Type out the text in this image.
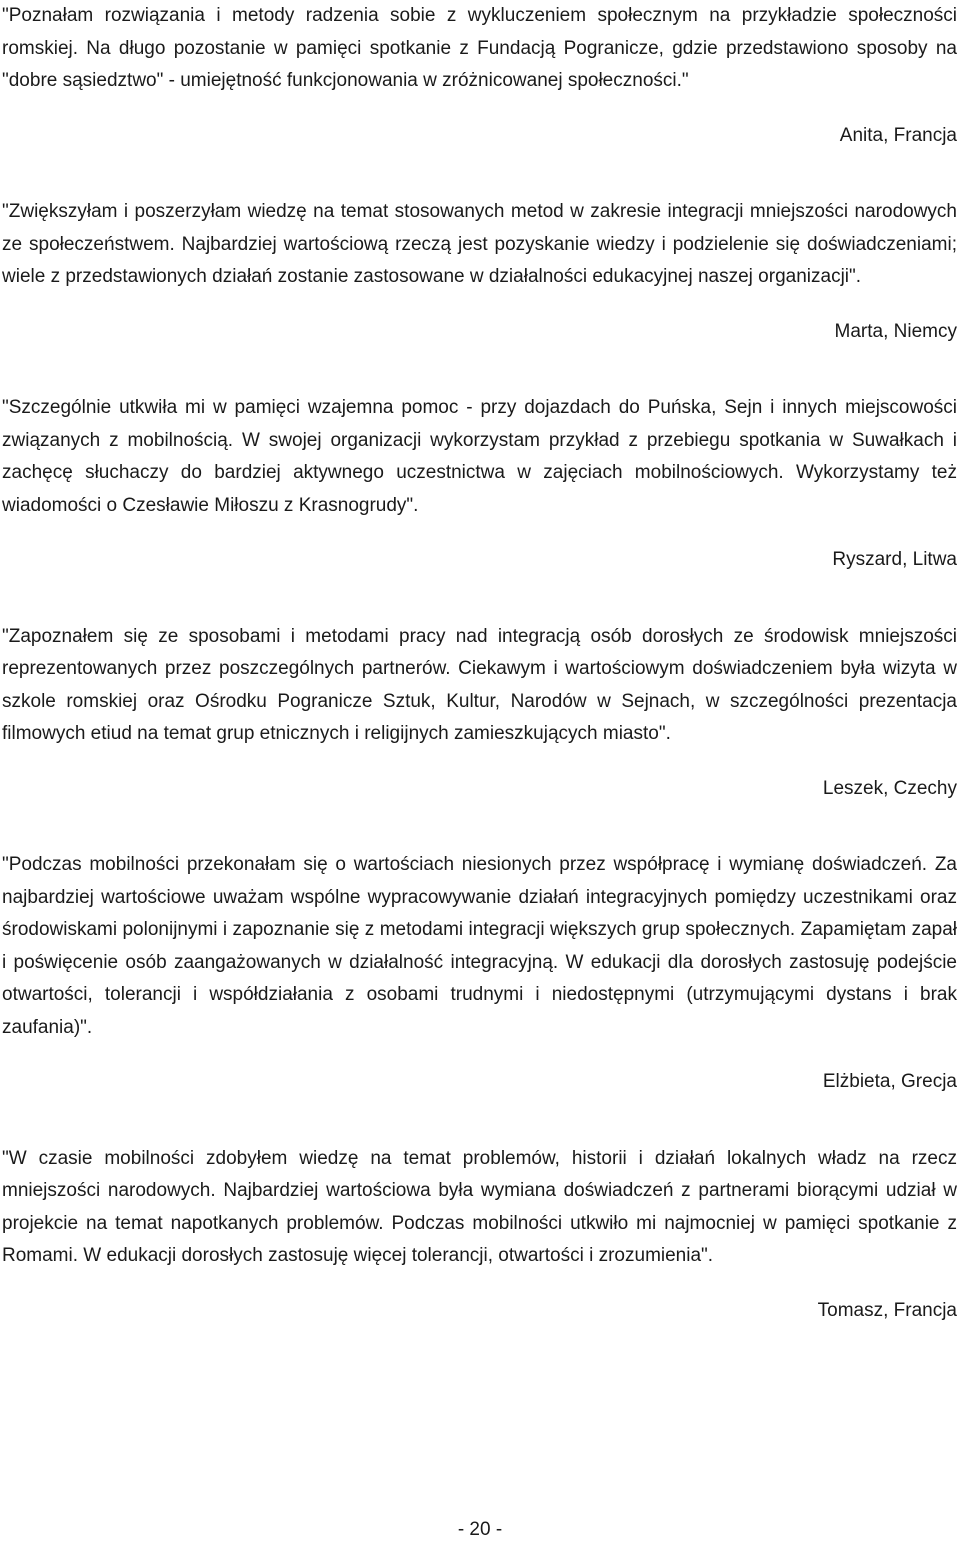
"Poznałam rozwiązania i metody radzenia sobie z wykluczeniem społecznym na przykładzie społeczności romskiej. Na długo pozostanie w pamięci spotkanie z Fundacją Pogranicze, gdzie przedstawiono sposoby na "dobre sąsiedztwo" - umiejętność funkcjonowania w zróżnicowanej społeczności."

Anita, Francja

"Zwiększyłam i poszerzyłam wiedzę na temat stosowanych metod w zakresie integracji mniejszości narodowych ze społeczeństwem. Najbardziej wartościową rzeczą jest pozyskanie wiedzy i podzielenie się doświadczeniami; wiele z przedstawionych działań zostanie zastosowane w działalności edukacyjnej naszej organizacji".

Marta, Niemcy

"Szczególnie utkwiła mi w pamięci wzajemna pomoc - przy dojazdach do Puńska, Sejn i innych miejscowości związanych z mobilnością. W swojej organizacji wykorzystam przykład z przebiegu spotkania w Suwałkach i zachęcę słuchaczy do bardziej aktywnego uczestnictwa w zajęciach mobilnościowych. Wykorzystamy też wiadomości o Czesławie Miłoszu z Krasnogrudy".

Ryszard, Litwa

"Zapoznałem się ze sposobami i metodami pracy nad integracją osób dorosłych ze środowisk mniejszości reprezentowanych przez poszczególnych partnerów. Ciekawym i wartościowym doświadczeniem była wizyta w szkole romskiej oraz Ośrodku Pogranicze Sztuk, Kultur, Narodów w Sejnach, w szczególności prezentacja filmowych etiud na temat grup etnicznych i religijnych zamieszkujących miasto".

Leszek, Czechy

"Podczas mobilności przekonałam się o wartościach niesionych przez współpracę i wymianę doświadczeń. Za najbardziej wartościowe uważam wspólne wypracowywanie działań integracyjnych pomiędzy uczestnikami oraz środowiskami polonijnymi i zapoznanie się z metodami integracji większych grup społecznych. Zapamiętam zapał i poświęcenie osób zaangażowanych w działalność integracyjną. W edukacji dla dorosłych zastosuję podejście otwartości, tolerancji i współdziałania z osobami trudnymi i niedostępnymi (utrzymującymi dystans i brak zaufania)".

Elżbieta, Grecja

"W czasie mobilności zdobyłem wiedzę na temat problemów, historii i działań lokalnych władz na rzecz mniejszości narodowych. Najbardziej wartościowa była wymiana doświadczeń z partnerami biorącymi udział w projekcie na temat napotkanych problemów. Podczas mobilności utkwiło mi najmocniej w pamięci spotkanie z Romami. W edukacji dorosłych zastosuję więcej tolerancji, otwartości i zrozumienia".

Tomasz, Francja

- 20 -
